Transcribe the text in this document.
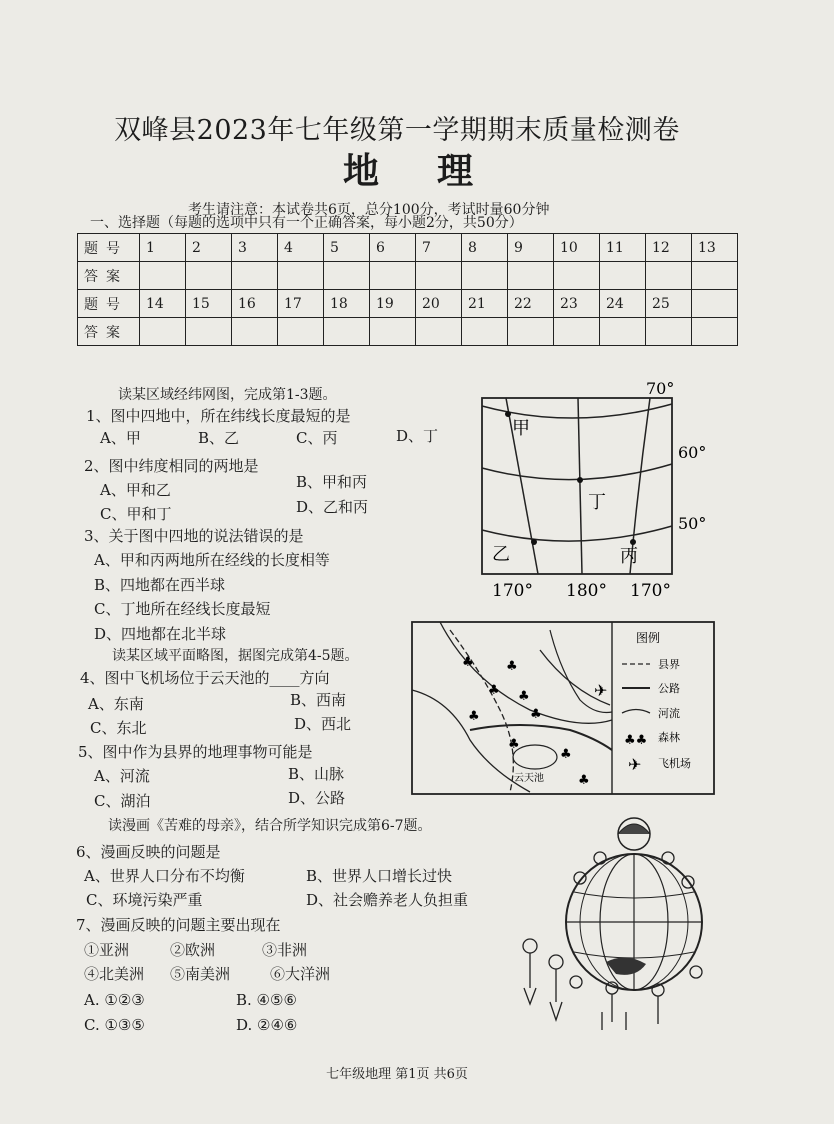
双峰县2023年七年级第一学期期末质量检测卷
地理
考生请注意：本试卷共6页，总分100分，考试时量60分钟
一、选择题（每题的选项中只有一个正确答案，每小题2分，共50分）
题号	1	2	3	4	5	6	7	8	9	10	11	12	13
答案													
题号	14	15	16	17	18	19	20	21	22	23	24	25	
答案													
读某区域经纬网图，完成第1-3题。
1、图中四地中，所在纬线长度最短的是
A、甲	B、乙	C、丙	D、丁
2、图中纬度相同的两地是
A、甲和乙	B、甲和丙
C、甲和丁	D、乙和丙
3、关于图中四地的说法错误的是
A、甲和丙两地所在经线的长度相等
B、四地都在西半球
C、丁地所在经线长度最短
D、四地都在北半球
甲
丁
乙	丙
70°
60°
50°
170° 180° 170°
读某区域平面略图，据图完成第4-5题。
4、图中飞机场位于云天池的____方向
A、东南	B、西南
C、东北	D、西北
5、图中作为县界的地理事物可能是
A、河流	B、山脉
C、湖泊	D、公路
云天池
♣ ♣
♣ ♣
♣
♣
♣
♣
♣
✈
图例
县界
公路
河流
♣♣ 森林
✈ 飞机场
读漫画《苦难的母亲》，结合所学知识完成第6-7题。
6、漫画反映的问题是
A、世界人口分布不均衡	B、世界人口增长过快
C、环境污染严重	D、社会赡养老人负担重
7、漫画反映的问题主要出现在
①亚洲	②欧洲	③非洲
④北美洲 ⑤南美洲	⑥大洋洲
A. ①②③	B. ④⑤⑥
C. ①③⑤	D. ②④⑥
七年级地理 第1页 共6页
